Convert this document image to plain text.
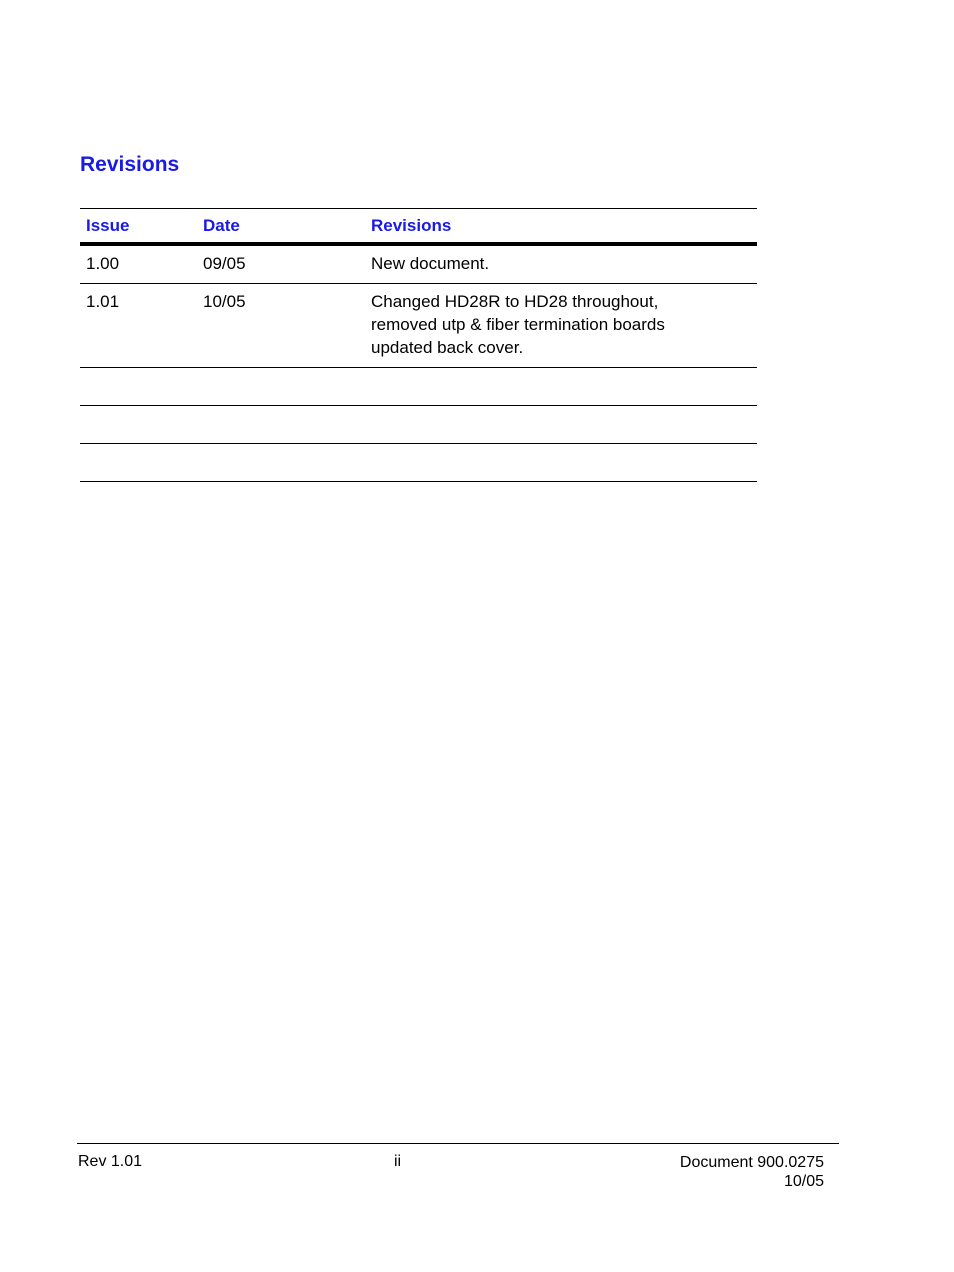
Revisions
Issue	Date	Revisions
1.00	09/05	New document.

1.01	10/05	Changed HD28R to HD28 throughout,
removed utp & fiber termination boards
updated back cover.

Rev 1.01	ii	Document 900.0275
10/05
